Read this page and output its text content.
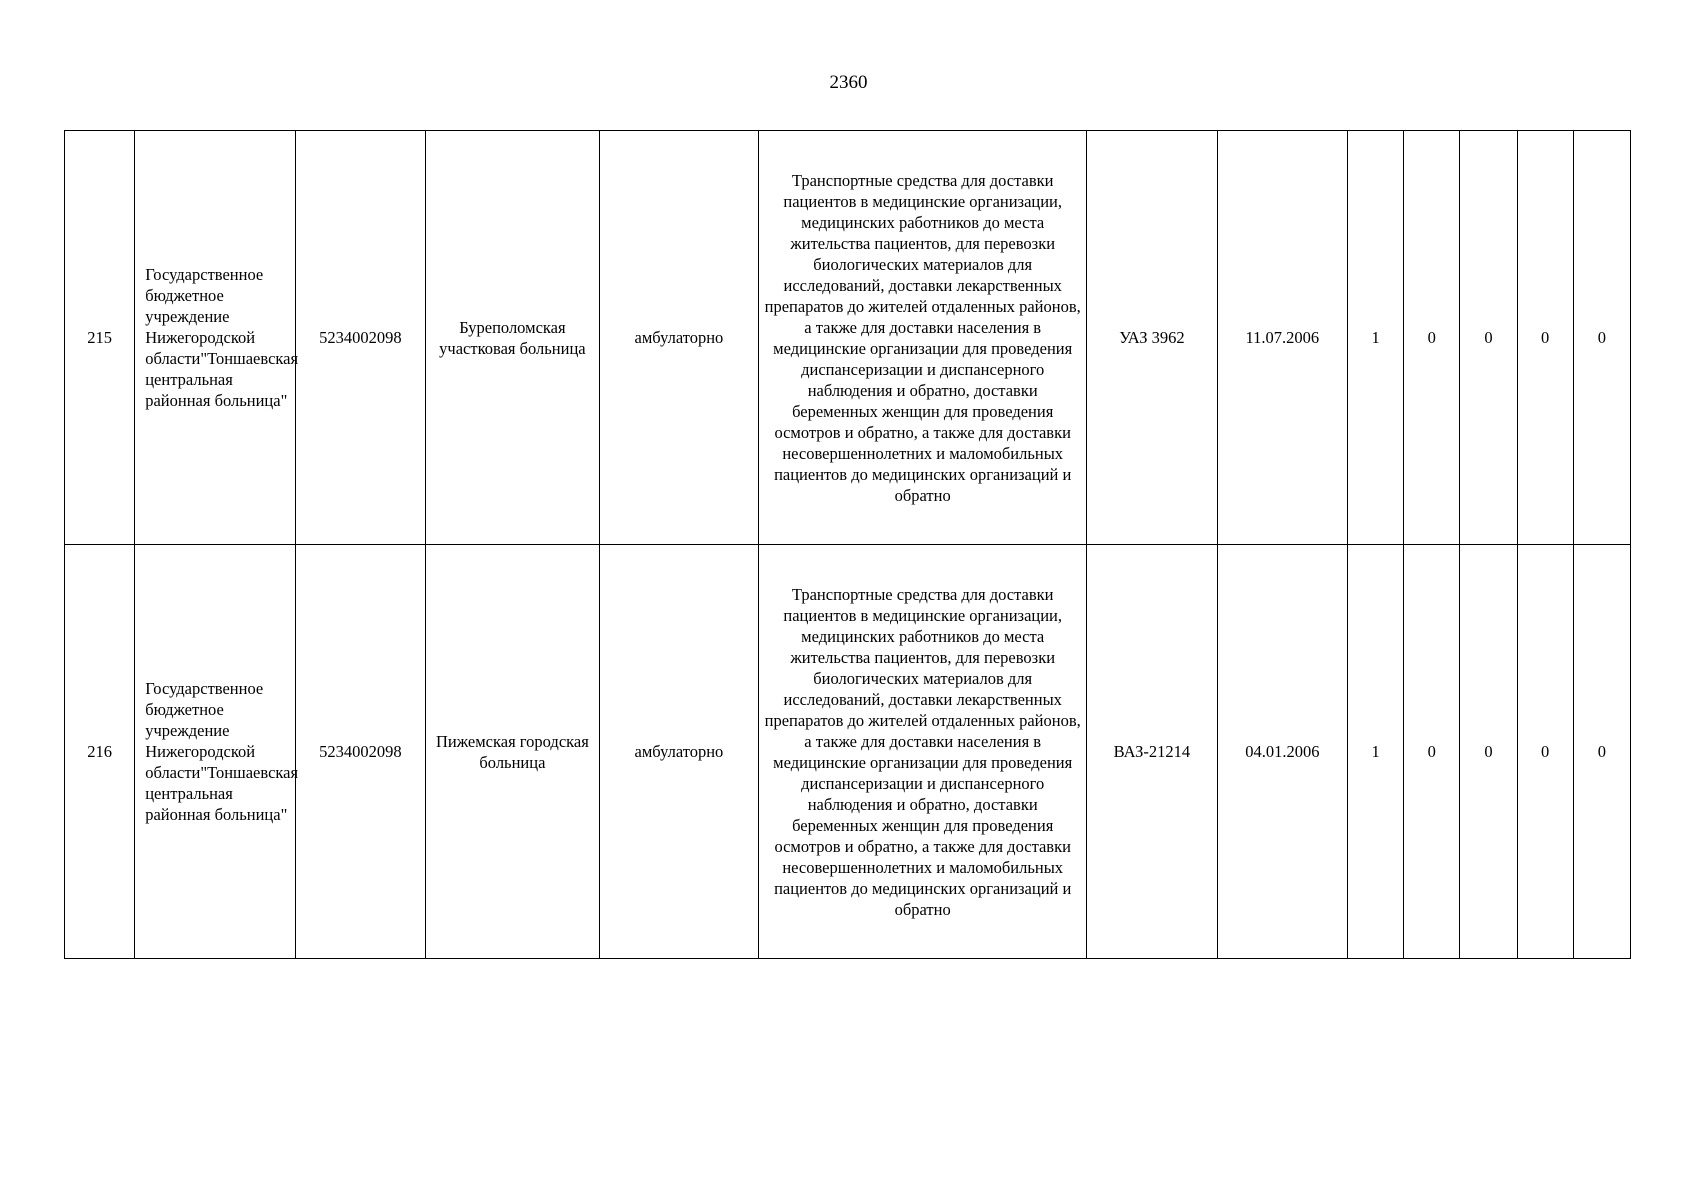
2360
215	Государственное бюджетное учреждение Нижегородской области"Тоншаевская центральная районная больница"	5234002098	Буреполомская участковая больница	амбулаторно	Транспортные средства для доставки пациентов в медицинские организации, медицинских работников до места жительства пациентов, для перевозки биологических материалов для исследований, доставки лекарственных препаратов до жителей отдаленных районов, а также для доставки населения в медицинские организации для проведения диспансеризации и диспансерного наблюдения и обратно, доставки беременных женщин для проведения осмотров и обратно, а также для доставки несовершеннолетних и маломобильных пациентов до медицинских организаций и обратно	УАЗ 3962	11.07.2006	1	0	0	0	0
216	Государственное бюджетное учреждение Нижегородской области"Тоншаевская центральная районная больница"	5234002098	Пижемская городская больница	амбулаторно	Транспортные средства для доставки пациентов в медицинские организации, медицинских работников до места жительства пациентов, для перевозки биологических материалов для исследований, доставки лекарственных препаратов до жителей отдаленных районов, а также для доставки населения в медицинские организации для проведения диспансеризации и диспансерного наблюдения и обратно, доставки беременных женщин для проведения осмотров и обратно, а также для доставки несовершеннолетних и маломобильных пациентов до медицинских организаций и обратно	ВАЗ-21214	04.01.2006	1	0	0	0	0
